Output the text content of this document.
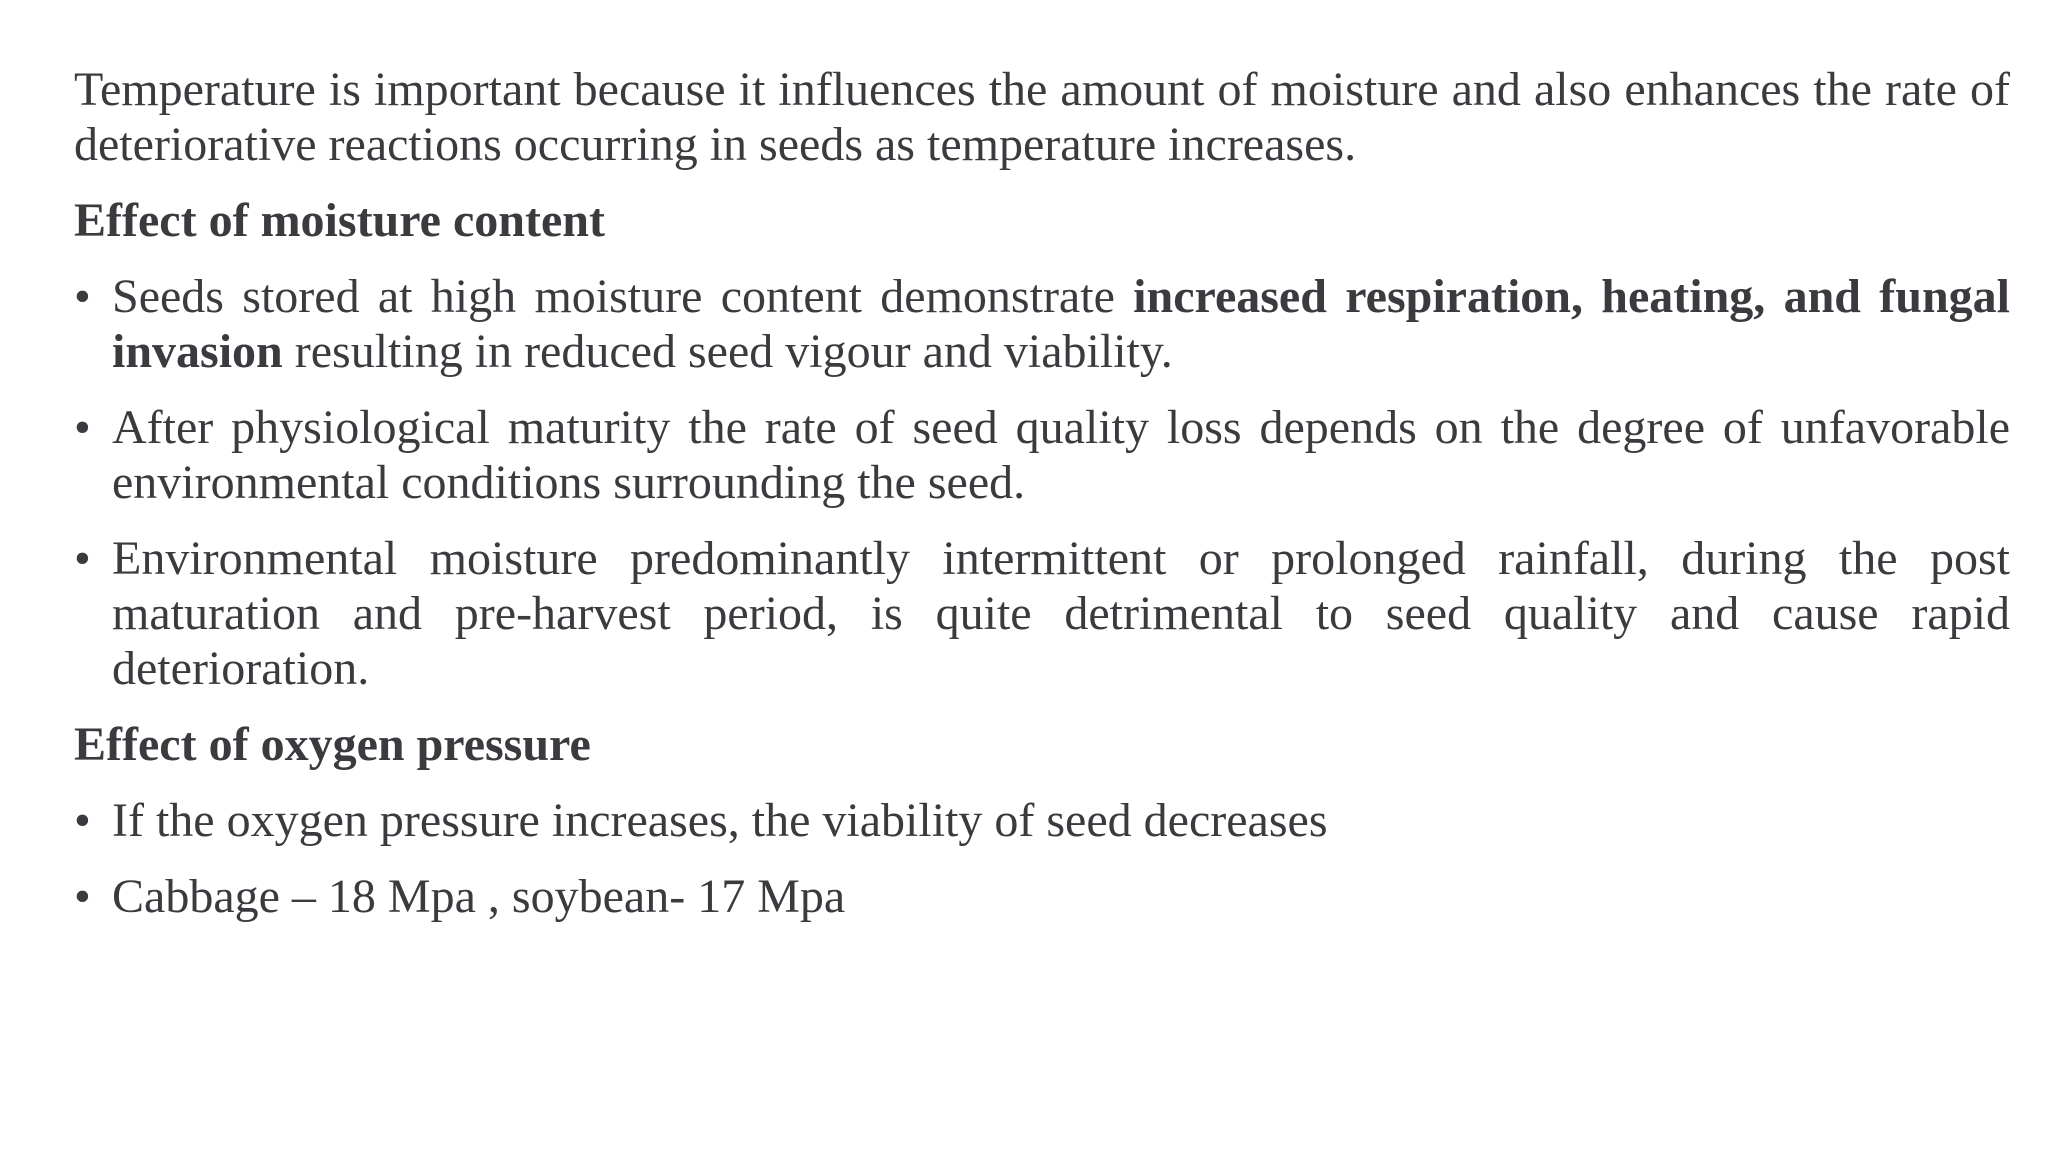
Temperature is important because it influences the amount of moisture and also enhances the rate of deteriorative reactions occurring in seeds as temperature increases.

Effect of moisture content
• Seeds stored at high moisture content demonstrate increased respiration, heating, and fungal invasion resulting in reduced seed vigour and viability.
• After physiological maturity the rate of seed quality loss depends on the degree of unfavorable environmental conditions surrounding the seed.
• Environmental moisture predominantly intermittent or prolonged rainfall, during the post maturation and pre-harvest period, is quite detrimental to seed quality and cause rapid deterioration.
Effect of oxygen pressure
• If the oxygen pressure increases, the viability of seed decreases
• Cabbage – 18 Mpa , soybean- 17 Mpa
